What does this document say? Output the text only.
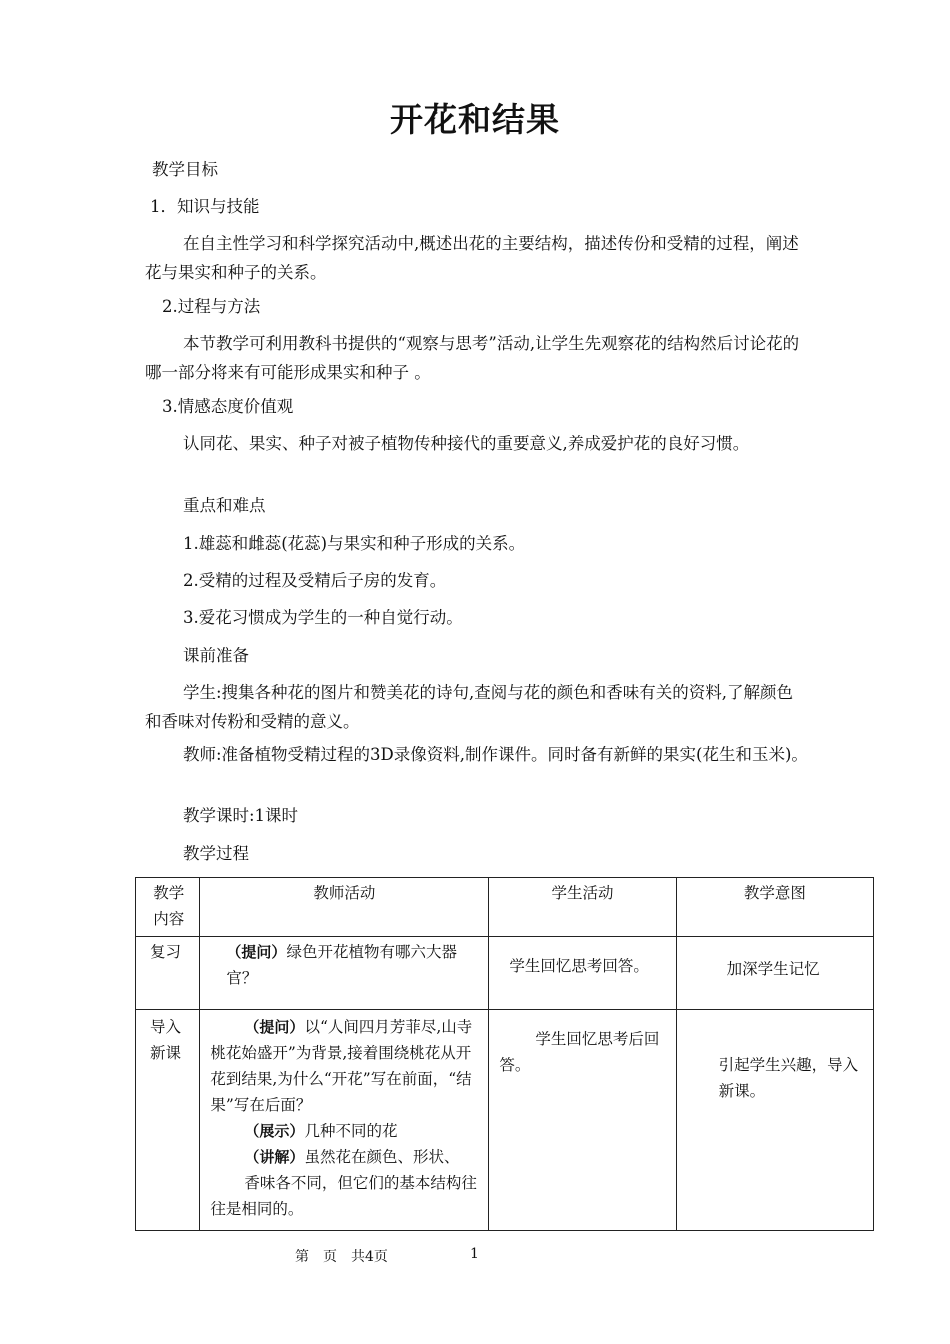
开花和结果
教学目标
1．知识与技能
在自主性学习和科学探究活动中,概述出花的主要结构，描述传份和受精的过程，阐述花与果实和种子的关系。
2.过程与方法
本节教学可利用教科书提供的“观察与思考”活动,让学生先观察花的结构然后讨论花的哪一部分将来有可能形成果实和种子 。
3.情感态度价值观
认同花、果实、种子对被子植物传种接代的重要意义,养成爱护花的良好习惯。
重点和难点
1.雄蕊和雌蕊(花蕊)与果实和种子形成的关系。
2.受精的过程及受精后子房的发育。
3.爱花习惯成为学生的一种自觉行动。
课前准备
学生:搜集各种花的图片和赞美花的诗句,查阅与花的颜色和香味有关的资料,了解颜色和香味对传粉和受精的意义。
教师:准备植物受精过程的3D录像资料,制作课件。同时备有新鲜的果实(花生和玉米)。
教学课时:1课时
教学过程
教学内容	教师活动	学生活动	教学意图
复习	（提问）绿色开花植物有哪六大器官？	学生回忆思考回答。	加深学生记忆
导入新课	（提问）以“人间四月芳菲尽,山寺桃花始盛开”为背景,接着围绕桃花从开花到结果,为什么“开花”写在前面，“结果”写在后面？
（展示）几种不同的花
（讲解）虽然花在颜色、形状、
香味各不同，但它们的基本结构往往是相同的。	学生回忆思考后回答。	引起学生兴趣，导入新课。
第　页　共4页	1
